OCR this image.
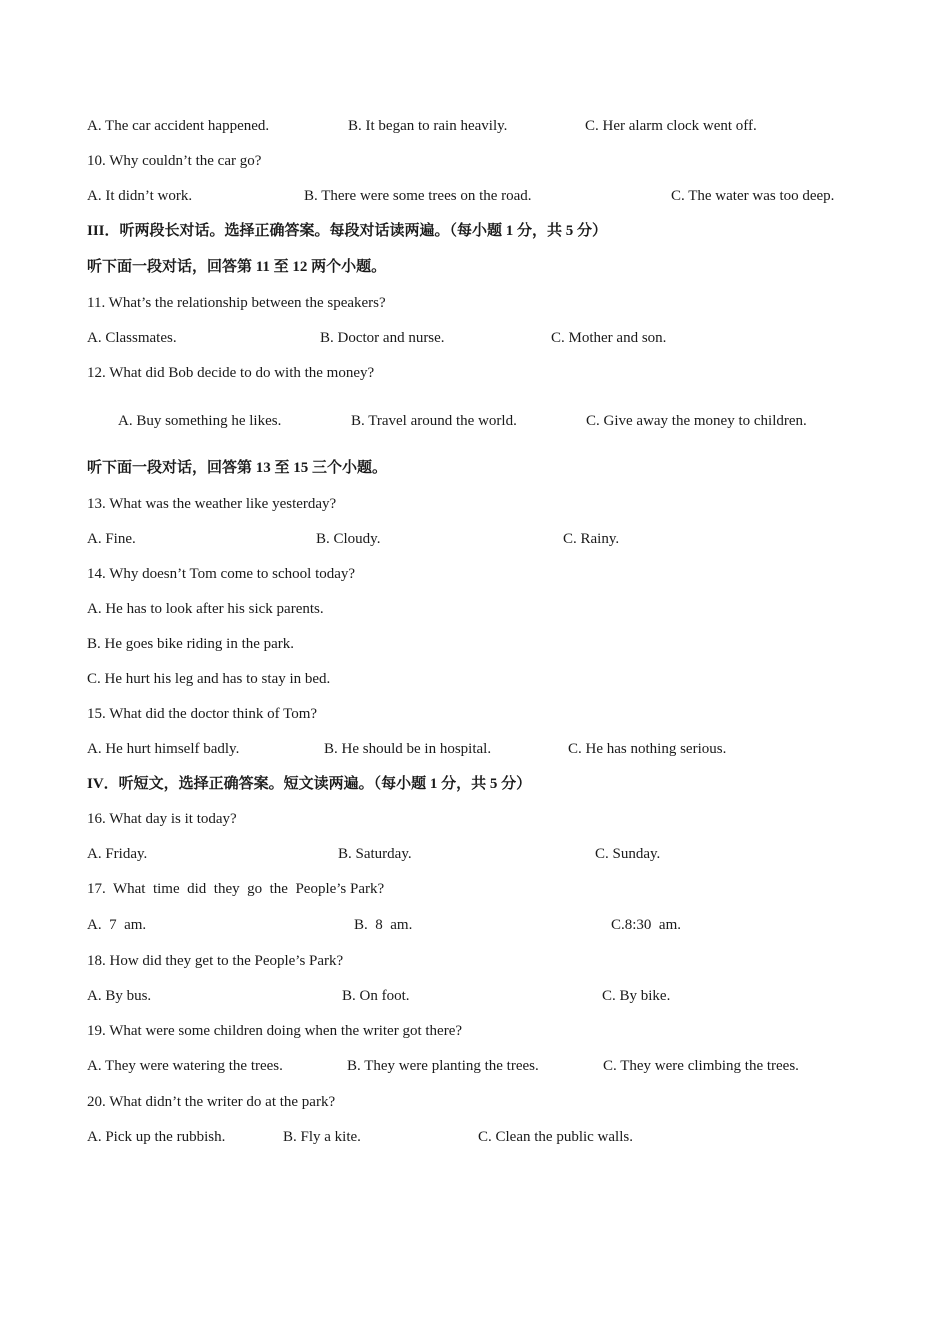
A. The car accident happened.	B. It began to rain heavily.	C. Her alarm clock went off.
10. Why couldn’t the car go?
A. It didn’t work.	B. There were some trees on the road.	C. The water was too deep.
III．听两段长对话。选择正确答案。每段对话读两遍。（每小题 1 分，共 5 分）
听下面一段对话，回答第 11 至 12 两个小题。
11. What’s the relationship between the speakers?
A. Classmates.	B. Doctor and nurse.	C. Mother and son.
12. What did Bob decide to do with the money?
A. Buy something he likes.	B. Travel around the world.	C. Give away the money to children.
听下面一段对话，回答第 13 至 15 三个小题。
13. What was the weather like yesterday?
A. Fine.	B. Cloudy.	C. Rainy.
14. Why doesn’t Tom come to school today?
A. He has to look after his sick parents.
B. He goes bike riding in the park.
C. He hurt his leg and has to stay in bed.
15. What did the doctor think of Tom?
A. He hurt himself badly.	B. He should be in hospital.	C. He has nothing serious.
IV．听短文，选择正确答案。短文读两遍。（每小题 1 分，共 5 分）
16. What day is it today?
A. Friday.	B. Saturday.	C. Sunday.
17.  What  time  did  they  go  the  People’s Park?
A.  7  am.	B.  8  am.	C.8:30  am.
18. How did they get to the People’s Park?
A. By bus.	B. On foot.	C. By bike.
19. What were some children doing when the writer got there?
A. They were watering the trees.	B. They were planting the trees.	C. They were climbing the trees.
20. What didn’t the writer do at the park?
A. Pick up the rubbish.	B. Fly a kite.	C. Clean the public walls.
